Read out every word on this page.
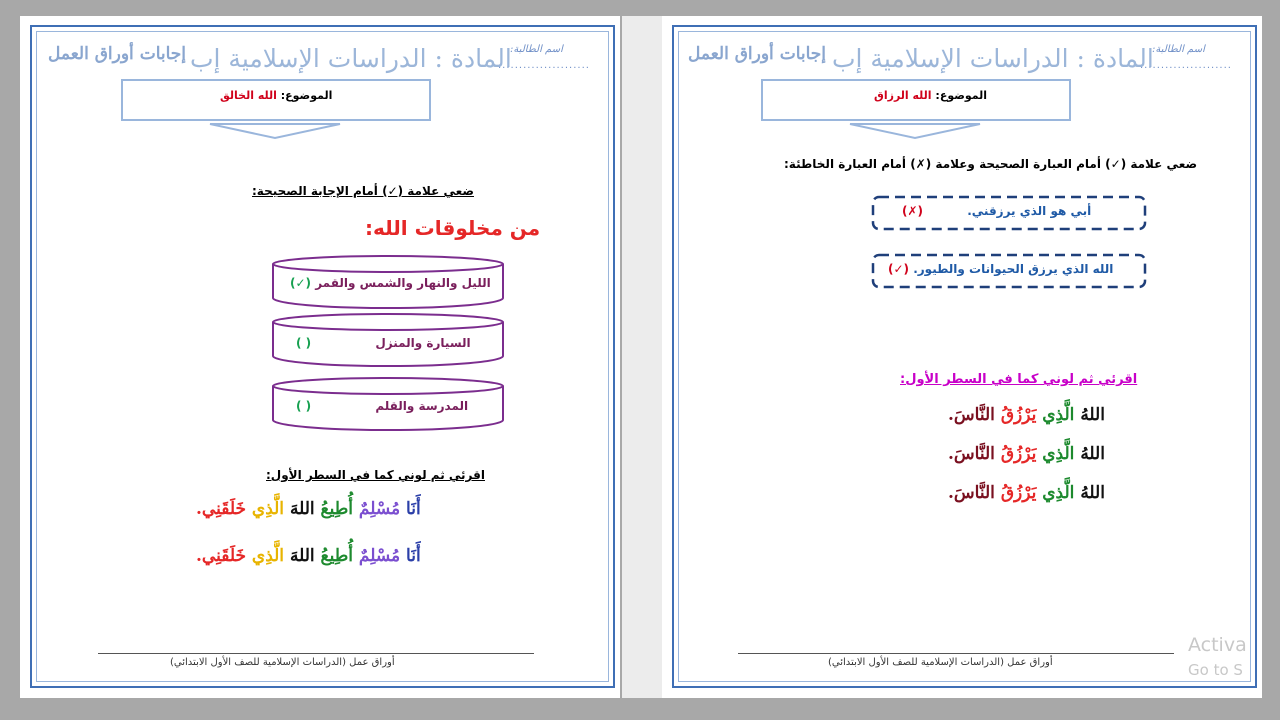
إجابات أوراق العمل المادة : الدراسات الإسلامية إب
اسم الطالبة:
......................
الموضوع: الله الخالق
ضعي علامة (✓) أمام الإجابة الصحيحة:
من مخلوقات الله:
الليل والنهار والشمس والقمر (✓)
السيارة والمنزل ( )
المدرسة والقلم ( )
اقرئي ثم لوني كما في السطر الأول:
أَنَا مُسْلِمٌ أُطِيعُ اللهَ الَّذِي خَلَقَنِي.
أَنَا مُسْلِمٌ أُطِيعُ اللهَ الَّذِي خَلَقَنِي.
أوراق عمل (الدراسات الإسلامية للصف الأول الابتدائي)
إجابات أوراق العمل المادة : الدراسات الإسلامية إب
اسم الطالبة:
......................
الموضوع: الله الرزاق
ضعي علامة (✓) أمام العبارة الصحيحة وعلامة (✗) أمام العبارة الخاطئة:
أبي هو الذي يرزقني. (✗)
الله الذي يرزق الحيوانات والطيور. (✓)
اقرئي ثم لوني كما في السطر الأول:
اللهُ الَّذِي يَرْزُقُ النَّاسَ.
اللهُ الَّذِي يَرْزُقُ النَّاسَ.
اللهُ الَّذِي يَرْزُقُ النَّاسَ.
أوراق عمل (الدراسات الإسلامية للصف الأول الابتدائي)
Activa
Go to S
